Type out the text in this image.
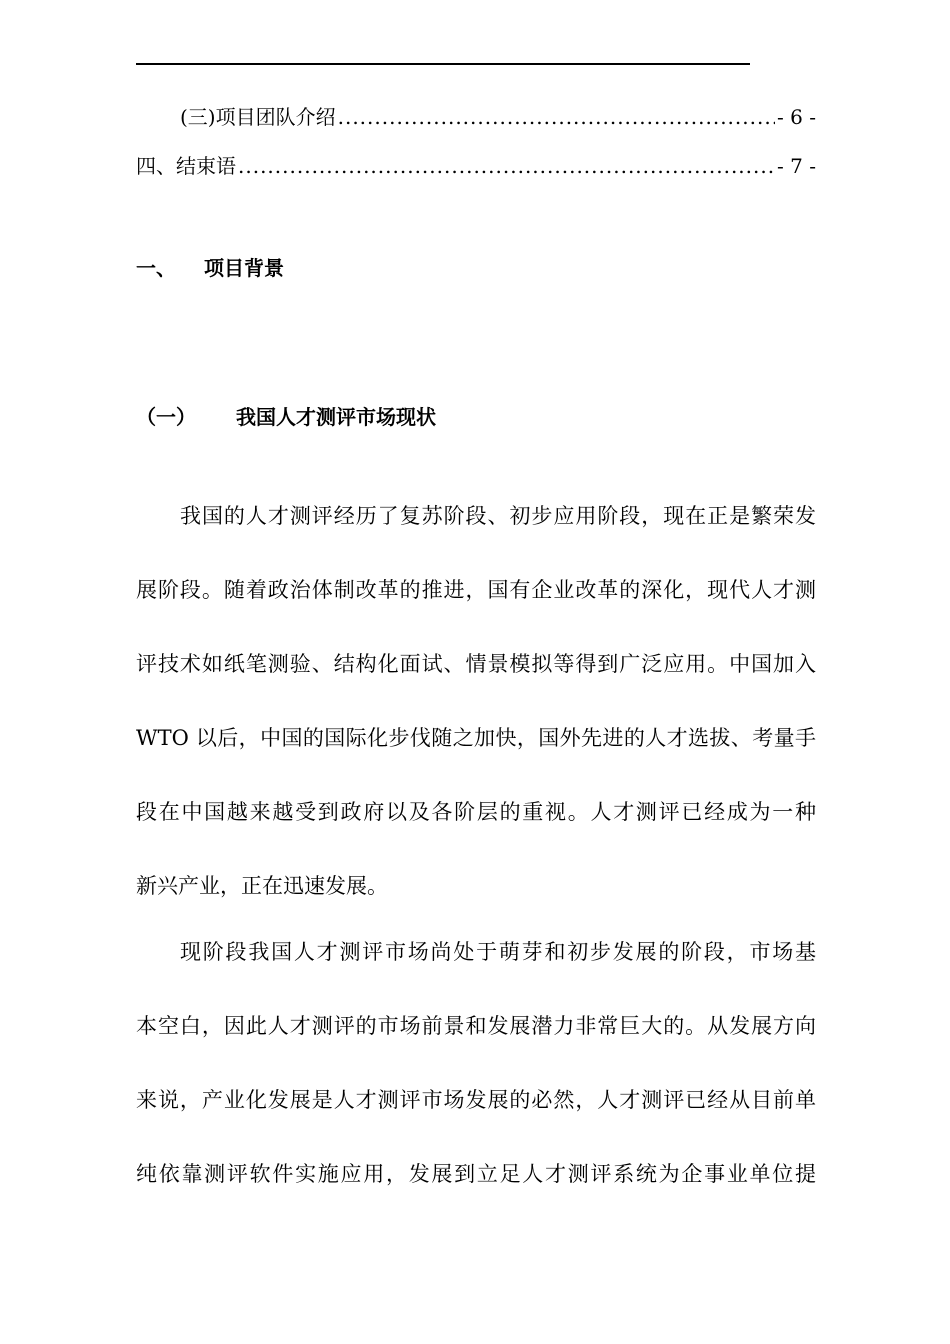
(三)项目团队介绍 .....	- 6 -
四、结束语 .....	- 7 -
一、 项目背景
（一） 我国人才测评市场现状
我国的人才测评经历了复苏阶段、初步应用阶段，现在正是繁荣发
展阶段。随着政治体制改革的推进，国有企业改革的深化，现代人才测
评技术如纸笔测验、结构化面试、情景模拟等得到广泛应用。中国加入
WTO 以后，中国的国际化步伐随之加快，国外先进的人才选拔、考量手
段在中国越来越受到政府以及各阶层的重视。人才测评已经成为一种
新兴产业，正在迅速发展。
现阶段我国人才测评市场尚处于萌芽和初步发展的阶段，市场基
本空白，因此人才测评的市场前景和发展潜力非常巨大的。从发展方向
来说，产业化发展是人才测评市场发展的必然，人才测评已经从目前单
纯依靠测评软件实施应用，发展到立足人才测评系统为企事业单位提
